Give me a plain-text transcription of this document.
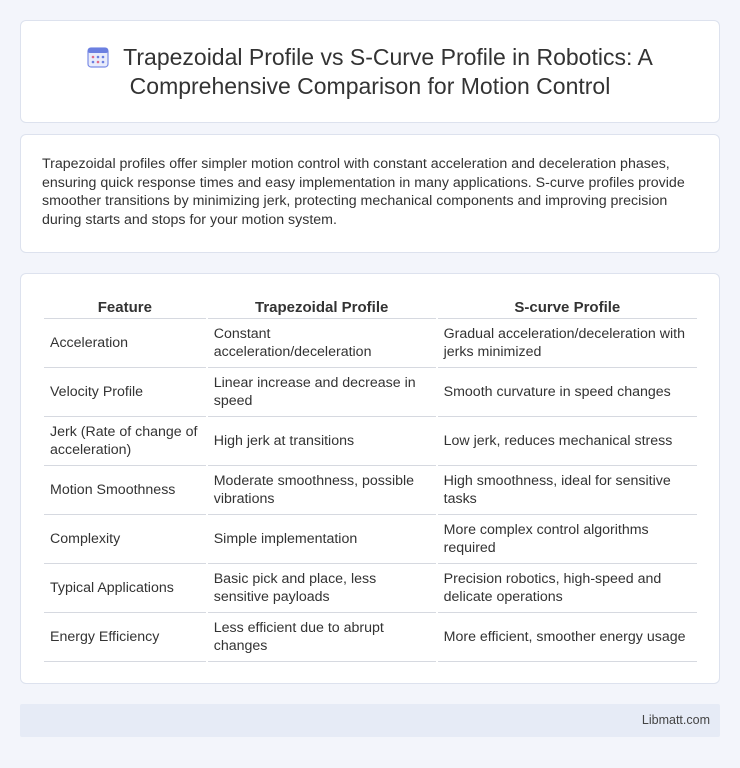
Trapezoidal Profile vs S-Curve Profile in Robotics: A
Comprehensive Comparison for Motion Control

Trapezoidal profiles offer simpler motion control with constant acceleration and deceleration phases, ensuring quick response times and easy implementation in many applications. S-curve profiles provide smoother transitions by minimizing jerk, protecting mechanical components and improving precision during starts and stops for your motion system.

Feature	Trapezoidal Profile	S-curve Profile
Acceleration	Constant acceleration/deceleration	Gradual acceleration/deceleration with jerks minimized
Velocity Profile	Linear increase and decrease in speed	Smooth curvature in speed changes
Jerk (Rate of change of acceleration)	High jerk at transitions	Low jerk, reduces mechanical stress
Motion Smoothness	Moderate smoothness, possible vibrations	High smoothness, ideal for sensitive tasks
Complexity	Simple implementation	More complex control algorithms required
Typical Applications	Basic pick and place, less sensitive payloads	Precision robotics, high-speed and delicate operations
Energy Efficiency	Less efficient due to abrupt changes	More efficient, smoother energy usage
Libmatt.com
